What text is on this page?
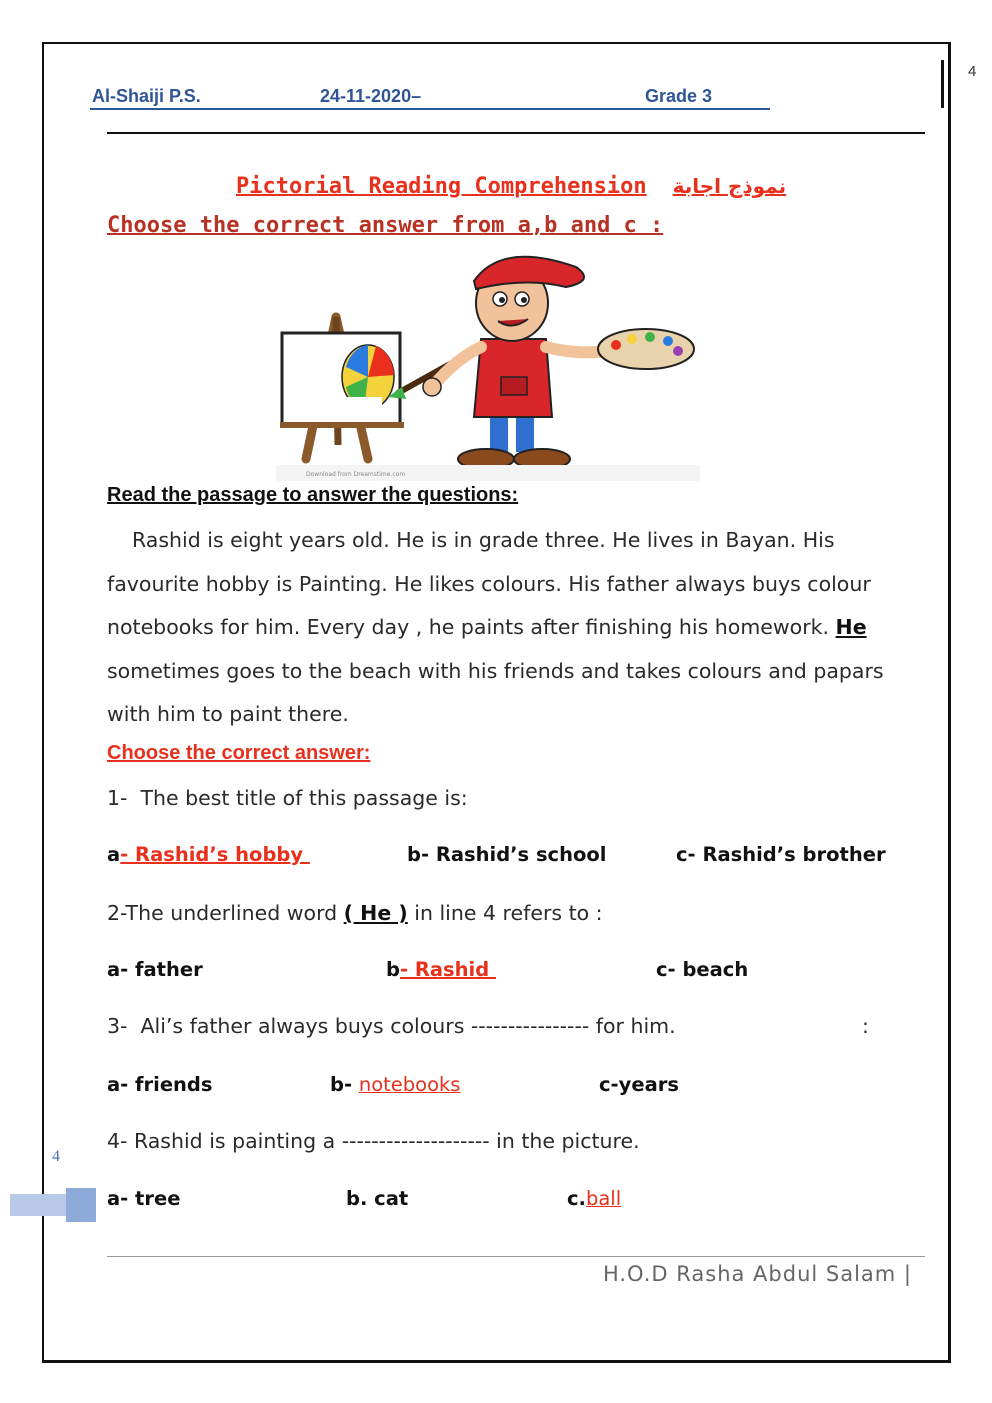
4
Al-Shaiji P.S.	24-11-2020–	Grade 3
Pictorial Reading Comprehension نموذج اجابة
Choose the correct answer from a,b and c :
Download from Dreamstime.com
Read the passage to answer the questions:

Rashid is eight years old. He is in grade three. He lives in Bayan. His favourite hobby is Painting. He likes colours. His father always buys colour notebooks for him. Every day , he paints after finishing his homework. He sometimes goes to the beach with his friends and takes colours and papars with him to paint there.

Choose the correct answer:
1-  The best title of this passage is:
a- Rashid’s hobby	b- Rashid’s school	c- Rashid’s brother
2-The underlined word ( He ) in line 4 refers to :
a- father	b- Rashid	c- beach
3-  Ali’s father always buys colours ---------------- for him.	:
a- friends	b- notebooks	c-years
4- Rashid is painting a -------------------- in the picture.
a- tree	b. cat	c.ball
4
H.O.D Rasha Abdul Salam |
